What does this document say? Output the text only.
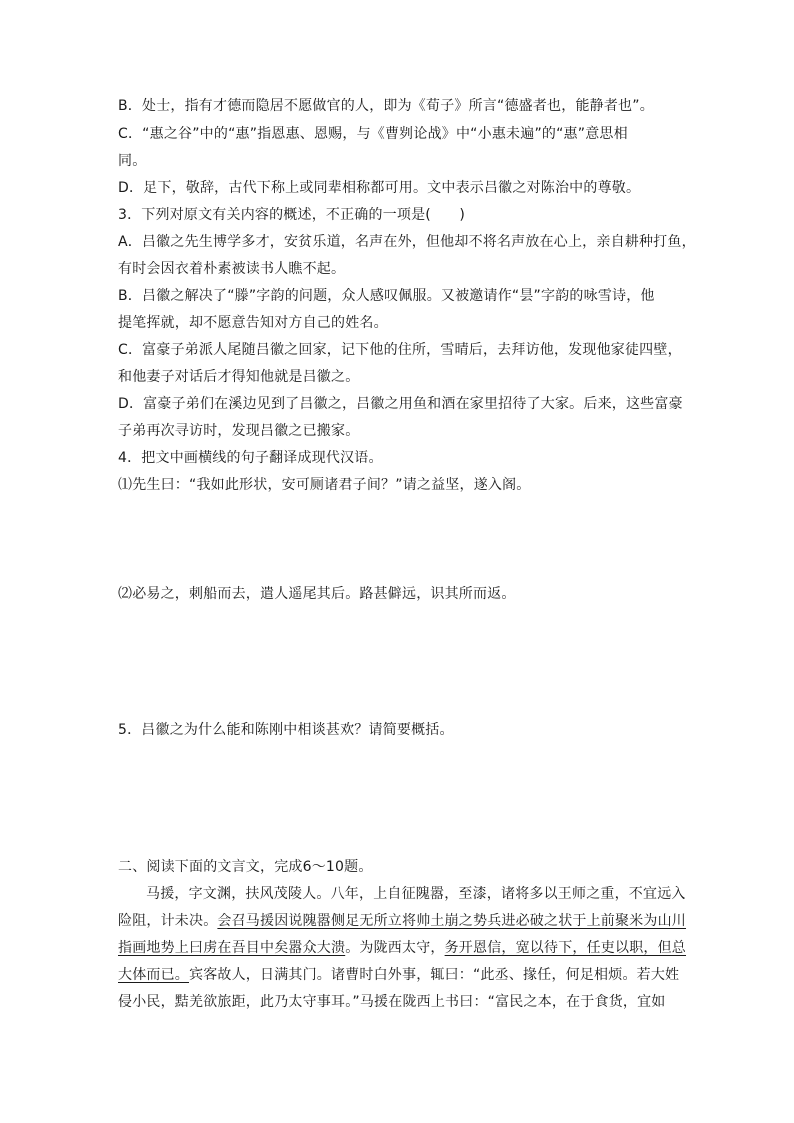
B．处士，指有才德而隐居不愿做官的人，即为《荀子》所言“德盛者也，能静者也”。
C．“惠之谷”中的“惠”指恩惠、恩赐，与《曹刿论战》中“小惠未遍”的“惠”意思相
同。
D．足下，敬辞，古代下称上或同辈相称都可用。文中表示吕徽之对陈治中的尊敬。
3．下列对原文有关内容的概述，不正确的一项是(　　)
A．吕徽之先生博学多才，安贫乐道，名声在外，但他却不将名声放在心上，亲自耕种打鱼，
有时会因衣着朴素被读书人瞧不起。
B．吕徽之解决了“滕”字韵的问题，众人感叹佩服。又被邀请作“昙”字韵的咏雪诗，他
提笔挥就，却不愿意告知对方自己的姓名。
C．富豪子弟派人尾随吕徽之回家，记下他的住所，雪晴后，去拜访他，发现他家徒四壁，
和他妻子对话后才得知他就是吕徽之。
D．富豪子弟们在溪边见到了吕徽之，吕徽之用鱼和酒在家里招待了大家。后来，这些富豪
子弟再次寻访时，发现吕徽之已搬家。
4．把文中画横线的句子翻译成现代汉语。
⑴先生曰：“我如此形状，安可厕诸君子间？”请之益坚，遂入阁。
⑵必易之，刺船而去，遣人遥尾其后。路甚僻远，识其所而返。
5．吕徽之为什么能和陈刚中相谈甚欢？请简要概括。
二、阅读下面的文言文，完成6～10题。
马援，字文渊，扶风茂陵人。八年，上自征隗嚣，至漆，诸将多以王师之重，不宜远入
险阻，计未决。会召马援因说隗嚣侧足无所立将帅土崩之势兵进必破之状于上前聚米为山川
指画地势上曰虏在吾目中矣嚣众大溃。为陇西太守，务开恩信，宽以待下，任吏以职，但总
大体而已。宾客故人，日满其门。诸曹时白外事，辄曰：“此丞、掾任，何足相烦。若大姓
侵小民，黠羌欲旅距，此乃太守事耳。”马援在陇西上书曰：“富民之本，在于食货，宜如
